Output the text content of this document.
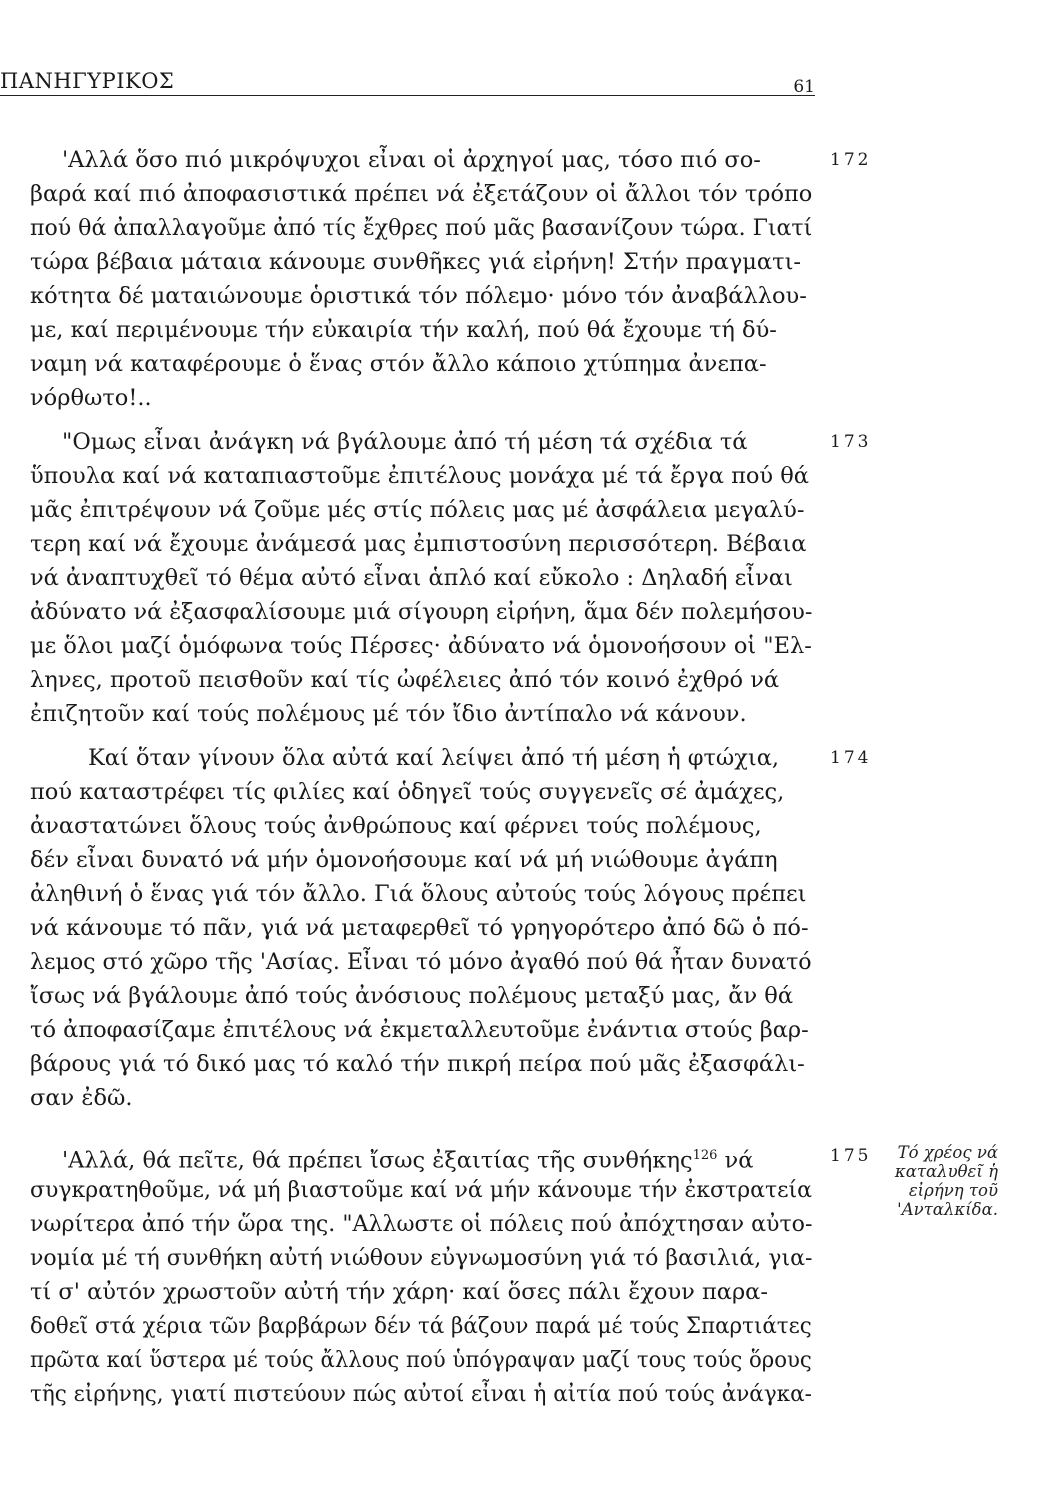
ΠΑΝΗΓΥΡΙΚΟΣ	61
172
'Αλλά ὅσο πιό μικρόψυχοι εἶναι οἱ ἀρχηγοί μας, τόσο πιό σο-
βαρά καί πιό ἀποφασιστικά πρέπει νά ἐξετάζουν οἱ ἄλλοι τόν τρόπο
πού θά ἀπαλλαγοῦμε ἀπό τίς ἔχθρες πού μᾶς βασανίζουν τώρα. Γιατί
τώρα βέβαια μάταια κάνουμε συνθῆκες γιά εἰρήνη! Στήν πραγματι-
κότητα δέ ματαιώνουμε ὁριστικά τόν πόλεμο· μόνο τόν ἀναβάλλου-
με, καί περιμένουμε τήν εὐκαιρία τήν καλή, πού θά ἔχουμε τή δύ-
ναμη νά καταφέρουμε ὁ ἕνας στόν ἄλλο κάποιο χτύπημα ἀνεπα-
νόρθωτο!..
173
"Ομως εἶναι ἀνάγκη νά βγάλουμε ἀπό τή μέση τά σχέδια τά
ὕπουλα καί νά καταπιαστοῦμε ἐπιτέλους μονάχα μέ τά ἔργα πού θά
μᾶς ἐπιτρέψουν νά ζοῦμε μές στίς πόλεις μας μέ ἀσφάλεια μεγαλύ-
τερη καί νά ἔχουμε ἀνάμεσά μας ἐμπιστοσύνη περισσότερη. Βέβαια
νά ἀναπτυχθεῖ τό θέμα αὐτό εἶναι ἁπλό καί εὔκολο : Δηλαδή εἶναι
ἀδύνατο νά ἐξασφαλίσουμε μιά σίγουρη εἰρήνη, ἅμα δέν πολεμήσου-
με ὅλοι μαζί ὁμόφωνα τούς Πέρσες· ἀδύνατο νά ὁμονοήσουν οἱ "Ελ-
ληνες, προτοῦ πεισθοῦν καί τίς ὠφέλειες ἀπό τόν κοινό ἐχθρό νά
ἐπιζητοῦν καί τούς πολέμους μέ τόν ἴδιο ἀντίπαλο νά κάνουν.
174
Καί ὅταν γίνουν ὅλα αὐτά καί λείψει ἀπό τή μέση ἡ φτώχια,
πού καταστρέφει τίς φιλίες καί ὁδηγεῖ τούς συγγενεῖς σέ ἀμάχες,
ἀναστατώνει ὅλους τούς ἀνθρώπους καί φέρνει τούς πολέμους,
δέν εἶναι δυνατό νά μήν ὁμονοήσουμε καί νά μή νιώθουμε ἀγάπη
ἀληθινή ὁ ἕνας γιά τόν ἄλλο. Γιά ὅλους αὐτούς τούς λόγους πρέπει
νά κάνουμε τό πᾶν, γιά νά μεταφερθεῖ τό γρηγορότερο ἀπό δῶ ὁ πό-
λεμος στό χῶρο τῆς 'Ασίας. Εἶναι τό μόνο ἀγαθό πού θά ἦταν δυνατό
ἴσως νά βγάλουμε ἀπό τούς ἀνόσιους πολέμους μεταξύ μας, ἄν θά
τό ἀποφασίζαμε ἐπιτέλους νά ἐκμεταλλευτοῦμε ἐνάντια στούς βαρ-
βάρους γιά τό δικό μας τό καλό τήν πικρή πείρα πού μᾶς ἐξασφάλι-
σαν ἐδῶ.
175
'Αλλά, θά πεῖτε, θά πρέπει ἴσως ἐξαιτίας τῆς συνθήκης$^{126}$ νά
συγκρατηθοῦμε, νά μή βιαστοῦμε καί νά μήν κάνουμε τήν ἐκστρατεία
νωρίτερα ἀπό τήν ὥρα της. "Αλλωστε οἱ πόλεις πού ἀπόχτησαν αὐτο-
νομία μέ τή συνθήκη αὐτή νιώθουν εὐγνωμοσύνη γιά τό βασιλιά, για-
τί σ' αὐτόν χρωστοῦν αὐτή τήν χάρη· καί ὅσες πάλι ἔχουν παρα-
δοθεῖ στά χέρια τῶν βαρβάρων δέν τά βάζουν παρά μέ τούς Σπαρτιάτες
πρῶτα καί ὕστερα μέ τούς ἄλλους πού ὑπόγραψαν μαζί τους τούς ὅρους
τῆς εἰρήνης, γιατί πιστεύουν πώς αὐτοί εἶναι ἡ αἰτία πού τούς ἀνάγκα-
Τό χρέος νά
καταλυθεῖ ἡ
εἰρήνη τοῦ
'Ανταλκίδα.
